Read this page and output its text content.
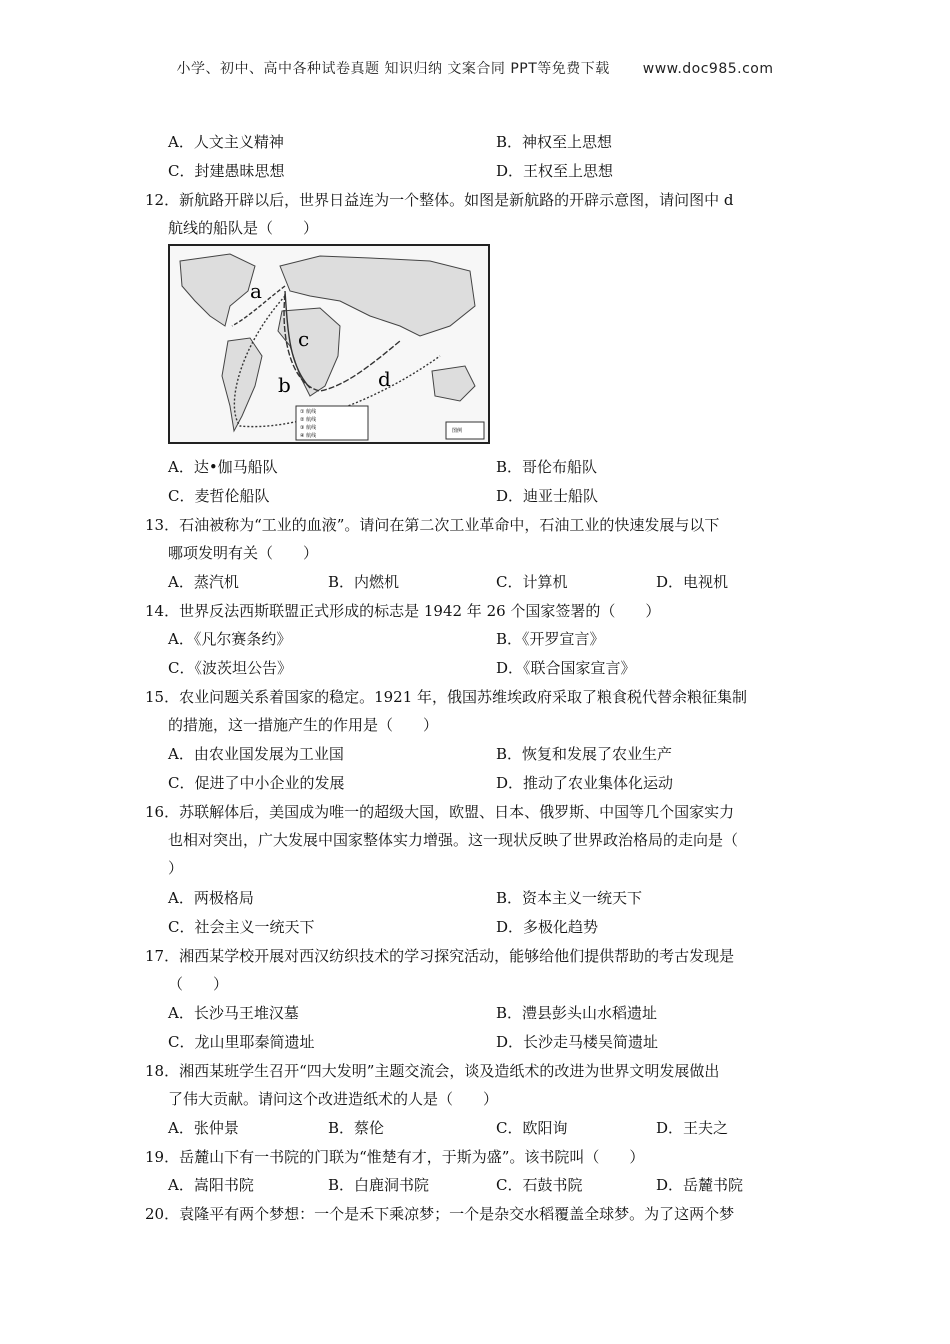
小学、初中、高中各种试卷真题 知识归纳 文案合同 PPT等免费下载 www.doc985.com
A．人文主义精神	B．神权至上思想
C．封建愚昧思想	D．王权至上思想
12．新航路开辟以后，世界日益连为一个整体。如图是新航路的开辟示意图，请问图中 d
航线的船队是（　　）
a
b
c
d
① 航线
② 航线
③ 航线
④ 航线
图例
A．达•伽马船队	B．哥伦布船队
C．麦哲伦船队	D．迪亚士船队
13．石油被称为“工业的血液”。请问在第二次工业革命中，石油工业的快速发展与以下
哪项发明有关（　　）
A．蒸汽机	B．内燃机	C．计算机	D．电视机
14．世界反法西斯联盟正式形成的标志是 1942 年 26 个国家签署的（　　）
A．《凡尔赛条约》	B．《开罗宣言》
C．《波茨坦公告》	D．《联合国家宣言》
15．农业问题关系着国家的稳定。1921 年，俄国苏维埃政府采取了粮食税代替余粮征集制
的措施，这一措施产生的作用是（　　）
A．由农业国发展为工业国	B．恢复和发展了农业生产
C．促进了中小企业的发展	D．推动了农业集体化运动
16．苏联解体后，美国成为唯一的超级大国，欧盟、日本、俄罗斯、中国等几个国家实力
也相对突出，广大发展中国家整体实力增强。这一现状反映了世界政治格局的走向是（
）
A．两极格局	B．资本主义一统天下
C．社会主义一统天下	D．多极化趋势
17．湘西某学校开展对西汉纺织技术的学习探究活动，能够给他们提供帮助的考古发现是
（　　）
A．长沙马王堆汉墓	B．澧县彭头山水稻遗址
C．龙山里耶秦简遗址	D．长沙走马楼吴简遗址
18．湘西某班学生召开“四大发明”主题交流会，谈及造纸术的改进为世界文明发展做出
了伟大贡献。请问这个改进造纸术的人是（　　）
A．张仲景	B．蔡伦	C．欧阳询	D．王夫之
19．岳麓山下有一书院的门联为“惟楚有才，于斯为盛”。该书院叫（　　）
A．嵩阳书院	B．白鹿洞书院	C．石鼓书院	D．岳麓书院
20．袁隆平有两个梦想：一个是禾下乘凉梦；一个是杂交水稻覆盖全球梦。为了这两个梦
